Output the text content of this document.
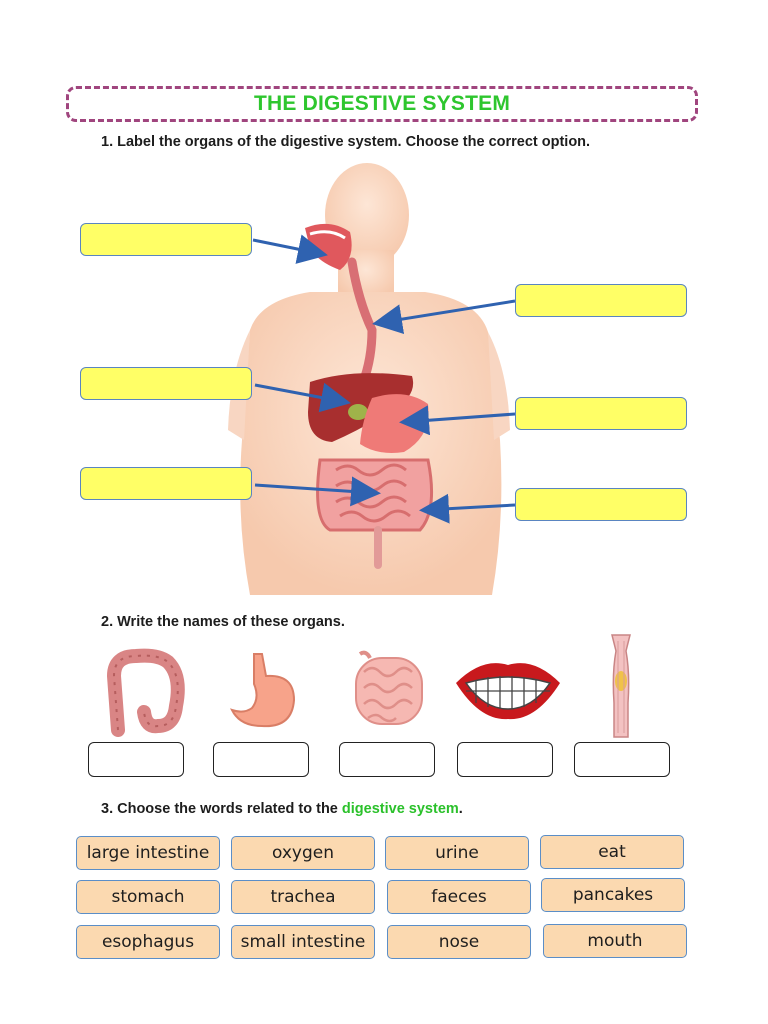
THE DIGESTIVE SYSTEM
1. Label the organs of the digestive system. Choose the correct option.
2. Write the names of these organs.
3. Choose the words related to the digestive system.
large intestine	oxygen	urine	eat
stomach	trachea	faeces	pancakes
esophagus	small intestine	nose	mouth
